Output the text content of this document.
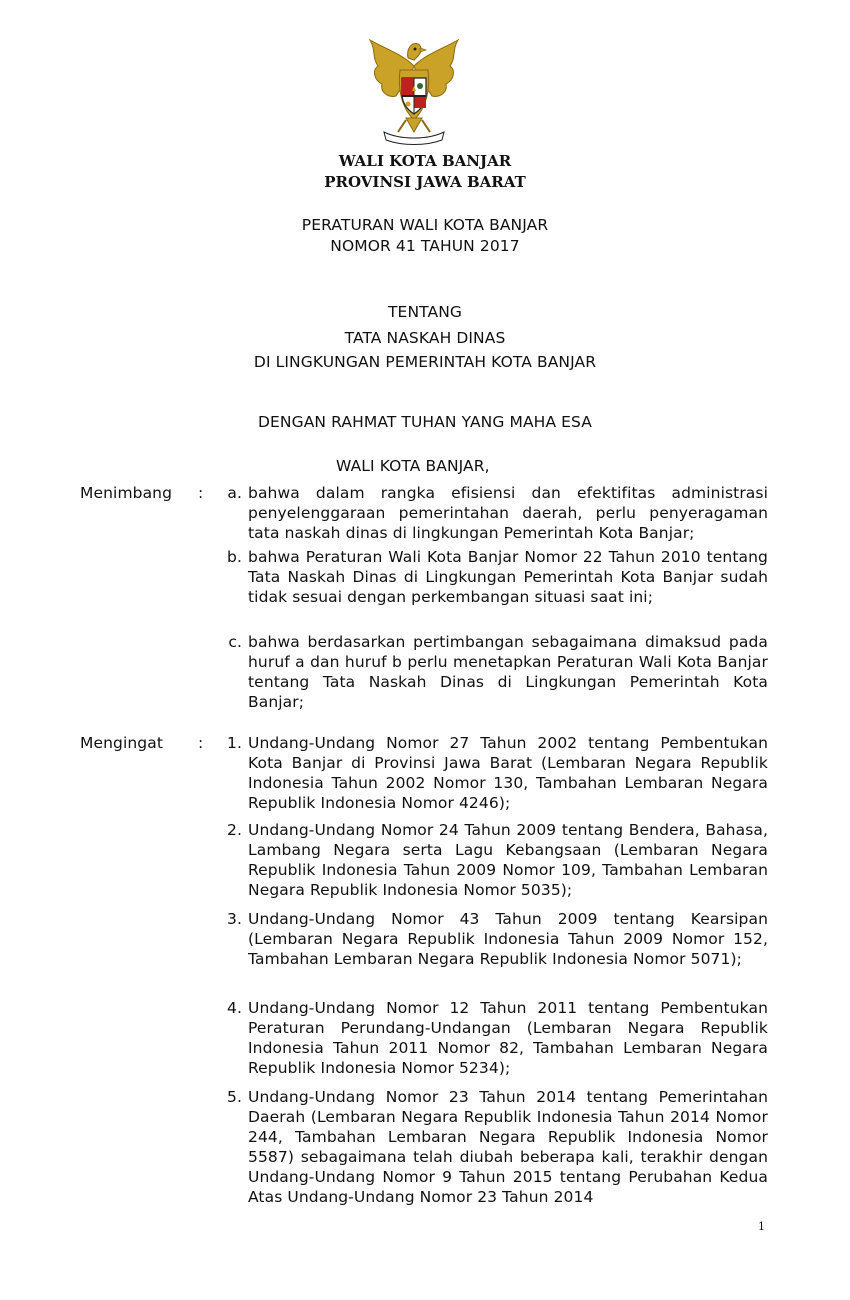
WALI KOTA BANJAR
PROVINSI JAWA BARAT
PERATURAN WALI KOTA BANJAR
NOMOR 41 TAHUN 2017
TENTANG
TATA NASKAH DINAS
DI LINGKUNGAN PEMERINTAH KOTA BANJAR
DENGAN RAHMAT TUHAN YANG MAHA ESA
WALI KOTA BANJAR,
Menimbang :	a. bahwa dalam rangka efisiensi dan efektifitas administrasi penyelenggaraan pemerintahan daerah, perlu penyeragaman tata naskah dinas di lingkungan Pemerintah Kota Banjar;
b. bahwa Peraturan Wali Kota Banjar Nomor 22 Tahun 2010 tentang Tata Naskah Dinas di Lingkungan Pemerintah Kota Banjar sudah tidak sesuai dengan perkembangan situasi saat ini;
c. bahwa berdasarkan pertimbangan sebagaimana dimaksud pada huruf a dan huruf b perlu menetapkan Peraturan Wali Kota Banjar tentang Tata Naskah Dinas di Lingkungan Pemerintah Kota Banjar;
Mengingat :	1. Undang-Undang Nomor 27 Tahun 2002 tentang Pembentukan Kota Banjar di Provinsi Jawa Barat (Lembaran Negara Republik Indonesia Tahun 2002 Nomor 130, Tambahan Lembaran Negara Republik Indonesia Nomor 4246);
2. Undang-Undang Nomor 24 Tahun 2009 tentang Bendera, Bahasa, Lambang Negara serta Lagu Kebangsaan (Lembaran Negara Republik Indonesia Tahun 2009 Nomor 109, Tambahan Lembaran Negara Republik Indonesia Nomor 5035);
3. Undang-Undang Nomor 43 Tahun 2009 tentang Kearsipan (Lembaran Negara Republik Indonesia Tahun 2009 Nomor 152, Tambahan Lembaran Negara Republik Indonesia Nomor 5071);
4. Undang-Undang Nomor 12 Tahun 2011 tentang Pembentukan Peraturan Perundang-Undangan (Lembaran Negara Republik Indonesia Tahun 2011 Nomor 82, Tambahan Lembaran Negara Republik Indonesia Nomor 5234);
5. Undang-Undang Nomor 23 Tahun 2014 tentang Pemerintahan Daerah (Lembaran Negara Republik Indonesia Tahun 2014 Nomor 244, Tambahan Lembaran Negara Republik Indonesia Nomor 5587) sebagaimana telah diubah beberapa kali, terakhir dengan Undang-Undang Nomor 9 Tahun 2015 tentang Perubahan Kedua Atas Undang-Undang Nomor 23 Tahun 2014
1
